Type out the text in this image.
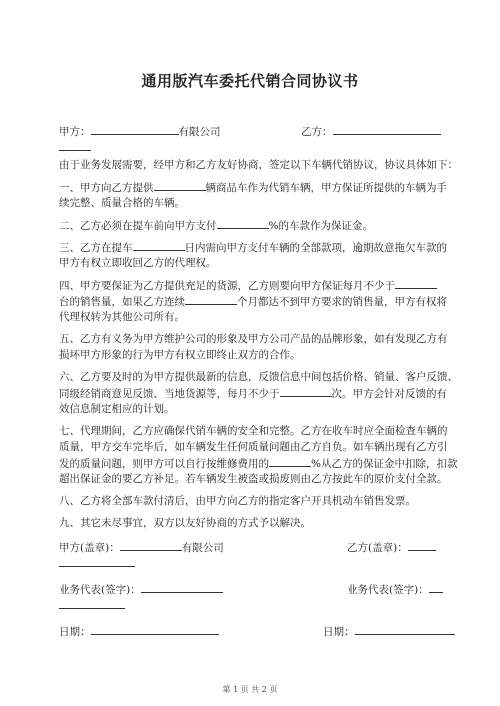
通用版汽车委托代销合同协议书
甲方：	有限公司	乙方：
由于业务发展需要，经甲方和乙方友好协商，签定以下车辆代销协议，协议具体如下：
一、甲方向乙方提供	辆商品车作为代销车辆，甲方保证所提供的车辆为手
续完整、质量合格的车辆。
二、乙方必须在提车前向甲方支付	%的车款作为保证金。
三、乙方在提车	日内需向甲方支付车辆的全部款项，逾期故意拖欠车款的
甲方有权立即收回乙方的代理权。
四、甲方要保证为乙方提供充足的货源，乙方则要向甲方保证每月不少于
台的销售量，如果乙方连续	个月都达不到甲方要求的销售量，甲方有权将
代理权转为其他公司所有。
五、乙方有义务为甲方维护公司的形象及甲方公司产品的品牌形象，如有发现乙方有
损坏甲方形象的行为甲方有权立即终止双方的合作。
六、乙方要及时的为甲方提供最新的信息，反馈信息中间包括价格、销量、客户反馈、
同级经销商意见反馈、当地货源等，每月不少于	次。甲方会针对反馈的有
效信息制定相应的计划。
七、代理期间，乙方应确保代销车辆的安全和完整。乙方在收车时应全面检查车辆的
质量，甲方交车完毕后，如车辆发生任何质量问题由乙方自负。如车辆出现有乙方引
发的质量问题，则甲方可以自行按维修费用的	%从乙方的保证金中扣除，扣款
超出保证金的要乙方补足。若车辆发生被盗或损废则由乙方按此车的原价支付全款。
八、乙方将全部车款付清后，由甲方向乙方的指定客户开具机动车销售发票。
九、其它未尽事宜，双方以友好协商的方式予以解决。
甲方(盖章)：	有限公司	乙方(盖章)：
业务代表(签字)：	业务代表(签字)：
日期：	日期：
第 1 页 共 2 页
